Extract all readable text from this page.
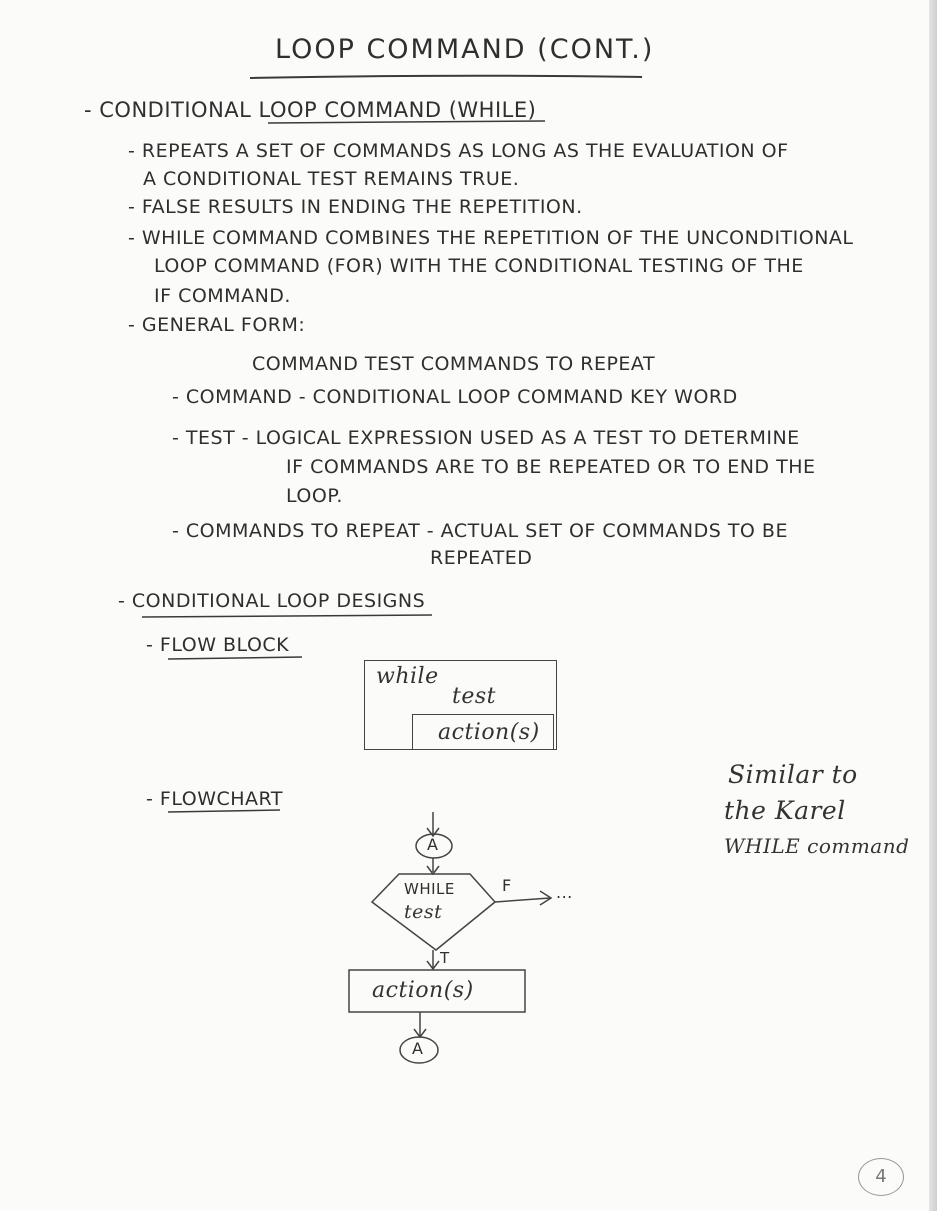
LOOP COMMAND (CONT.)
- CONDITIONAL LOOP COMMAND (WHILE)
- REPEATS A SET OF COMMANDS AS LONG AS THE EVALUATION OF
A CONDITIONAL TEST REMAINS TRUE.
- FALSE RESULTS IN ENDING THE REPETITION.
- WHILE COMMAND COMBINES THE REPETITION OF THE UNCONDITIONAL
LOOP COMMAND (FOR) WITH THE CONDITIONAL TESTING OF THE
IF COMMAND.
- GENERAL FORM:
COMMAND TEST COMMANDS TO REPEAT
- COMMAND - CONDITIONAL LOOP COMMAND KEY WORD
- TEST - LOGICAL EXPRESSION USED AS A TEST TO DETERMINE
IF COMMANDS ARE TO BE REPEATED OR TO END THE
LOOP.
- COMMANDS TO REPEAT - ACTUAL SET OF COMMANDS TO BE
REPEATED
- CONDITIONAL LOOP DESIGNS
- FLOW BLOCK
while
test
action(s)
Similar to
the Karel
WHILE command
- FLOWCHART
A
WHILE
test
F	...
T
action(s)
A
4
